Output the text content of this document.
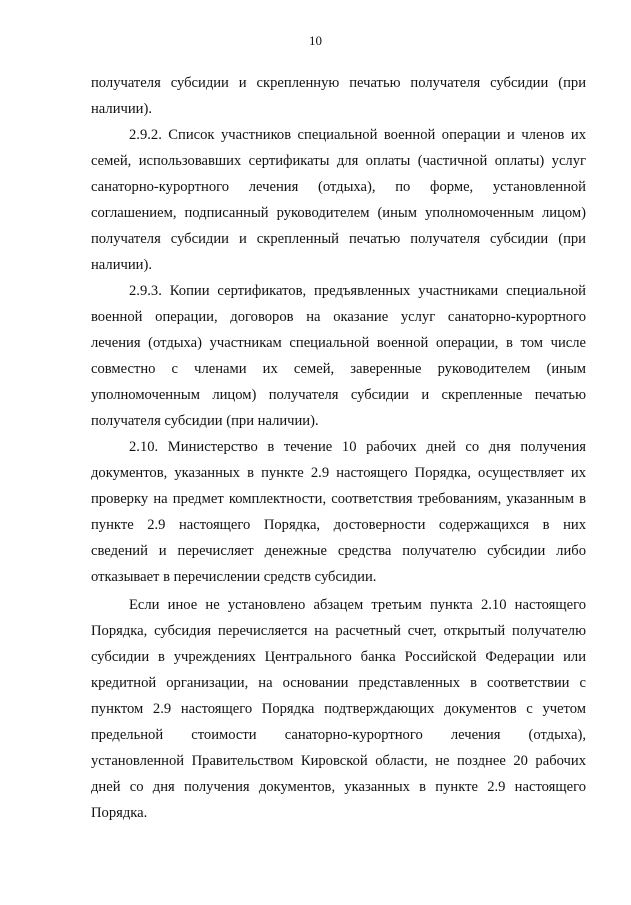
10
получателя субсидии и скрепленную печатью получателя субсидии (при
наличии).
2.9.2. Список участников специальной военной операции и членов их
семей, использовавших сертификаты для оплаты (частичной оплаты) услуг
санаторно-курортного лечения (отдыха), по форме, установленной
соглашением, подписанный руководителем (иным уполномоченным лицом)
получателя субсидии и скрепленный печатью получателя субсидии (при
наличии).
2.9.3. Копии сертификатов, предъявленных участниками специальной
военной операции, договоров на оказание услуг санаторно-курортного
лечения (отдыха) участникам специальной военной операции, в том числе
совместно с членами их семей, заверенные руководителем (иным
уполномоченным лицом) получателя субсидии и скрепленные печатью
получателя субсидии (при наличии).
2.10. Министерство в течение 10 рабочих дней со дня получения
документов, указанных в пункте 2.9 настоящего Порядка, осуществляет их
проверку на предмет комплектности, соответствия требованиям, указанным в
пункте 2.9 настоящего Порядка, достоверности содержащихся в них
сведений и перечисляет денежные средства получателю субсидии либо
отказывает в перечислении средств субсидии.
Если иное не установлено абзацем третьим пункта 2.10 настоящего
Порядка, субсидия перечисляется на расчетный счет, открытый получателю
субсидии в учреждениях Центрального банка Российской Федерации или
кредитной организации, на основании представленных в соответствии с
пунктом 2.9 настоящего Порядка подтверждающих документов с учетом
предельной стоимости санаторно-курортного лечения (отдыха),
установленной Правительством Кировской области, не позднее 20 рабочих
дней со дня получения документов, указанных в пункте 2.9 настоящего
Порядка.
